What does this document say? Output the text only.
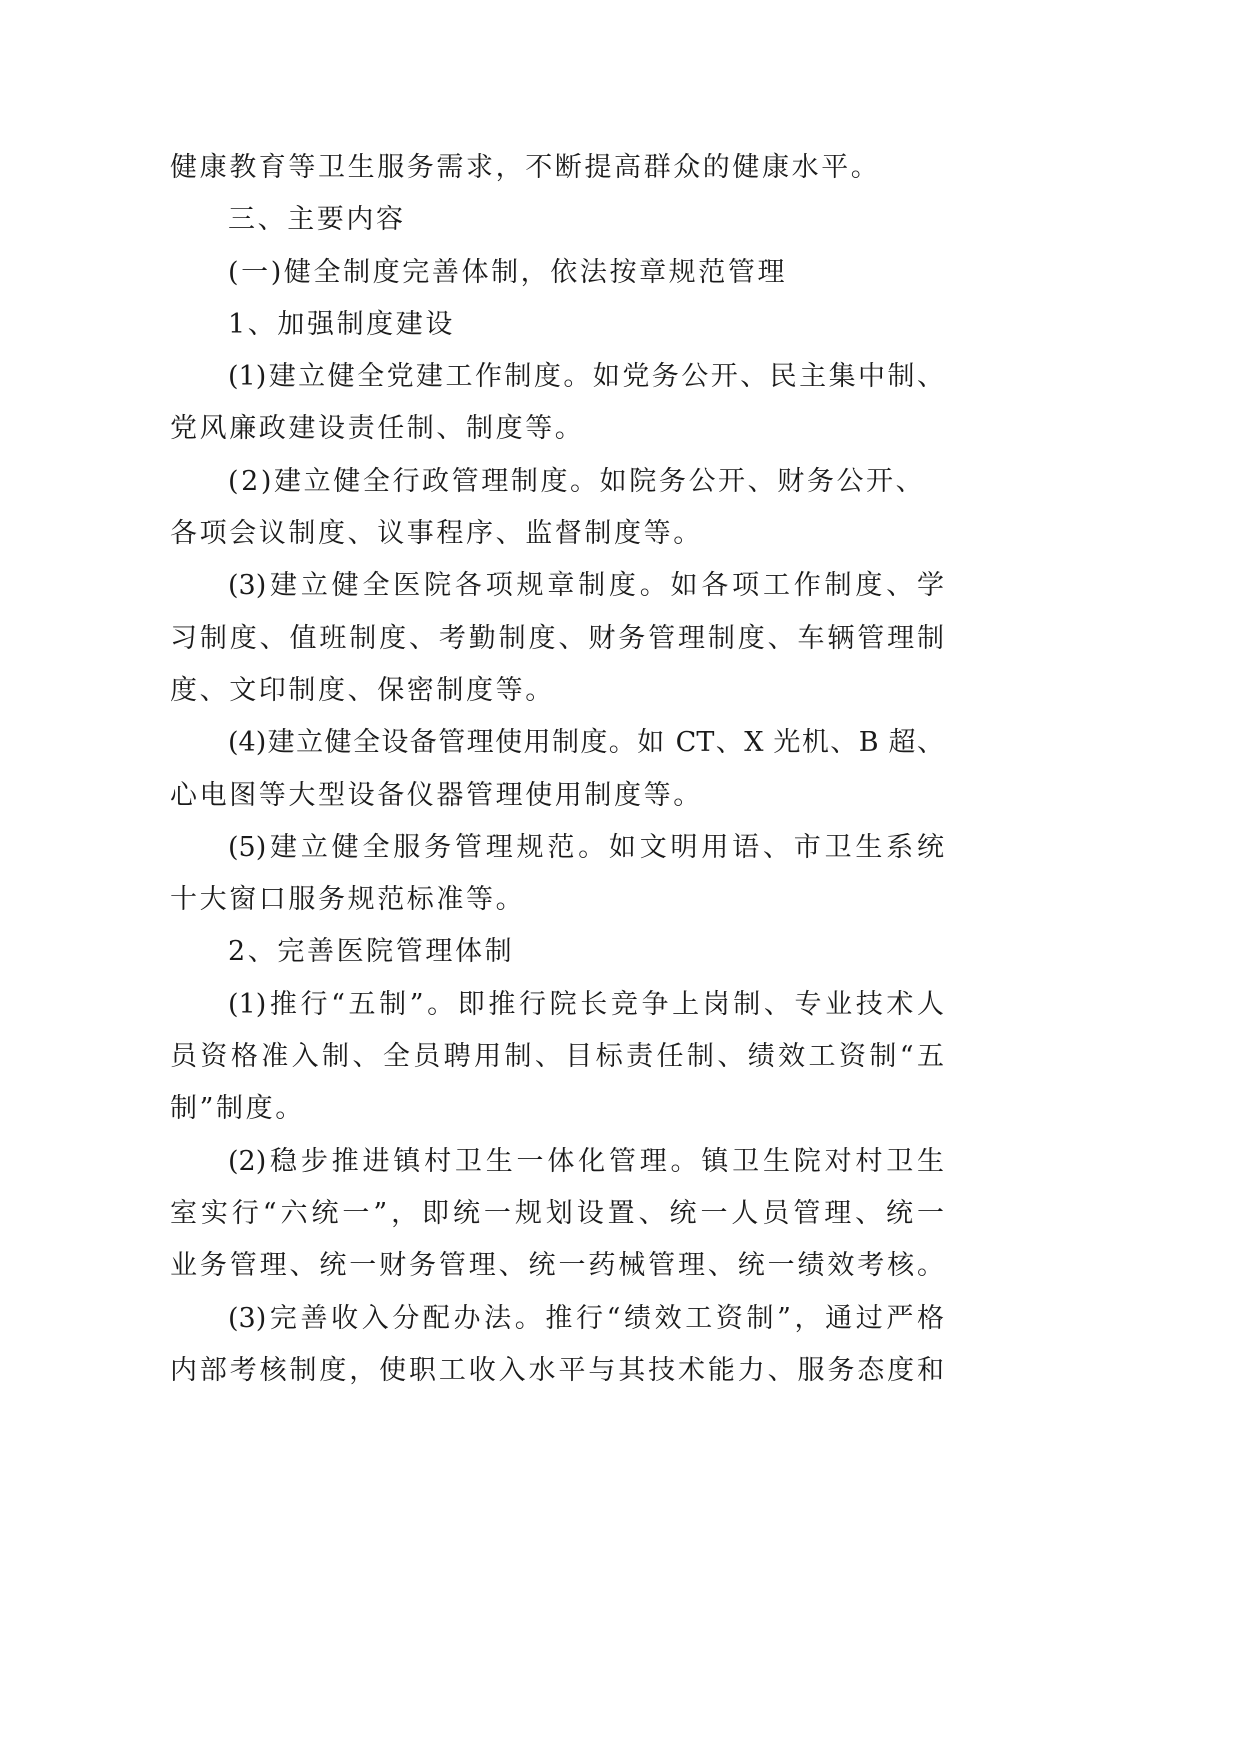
健康教育等卫生服务需求，不断提高群众的健康水平。
三、主要内容
(一)健全制度完善体制，依法按章规范管理
1、加强制度建设
(1)建立健全党建工作制度。如党务公开、民主集中制、
党风廉政建设责任制、制度等。
(2)建立健全行政管理制度。如院务公开、财务公开、
各项会议制度、议事程序、监督制度等。
(3)建立健全医院各项规章制度。如各项工作制度、学
习制度、值班制度、考勤制度、财务管理制度、车辆管理制
度、文印制度、保密制度等。
(4)建立健全设备管理使用制度。如 CT、X 光机、B 超、
心电图等大型设备仪器管理使用制度等。
(5)建立健全服务管理规范。如文明用语、市卫生系统
十大窗口服务规范标准等。
2、完善医院管理体制
(1)推行“五制”。即推行院长竞争上岗制、专业技术人
员资格准入制、全员聘用制、目标责任制、绩效工资制“五
制”制度。
(2)稳步推进镇村卫生一体化管理。镇卫生院对村卫生
室实行“六统一”，即统一规划设置、统一人员管理、统一
业务管理、统一财务管理、统一药械管理、统一绩效考核。
(3)完善收入分配办法。推行“绩效工资制”，通过严格
内部考核制度，使职工收入水平与其技术能力、服务态度和
